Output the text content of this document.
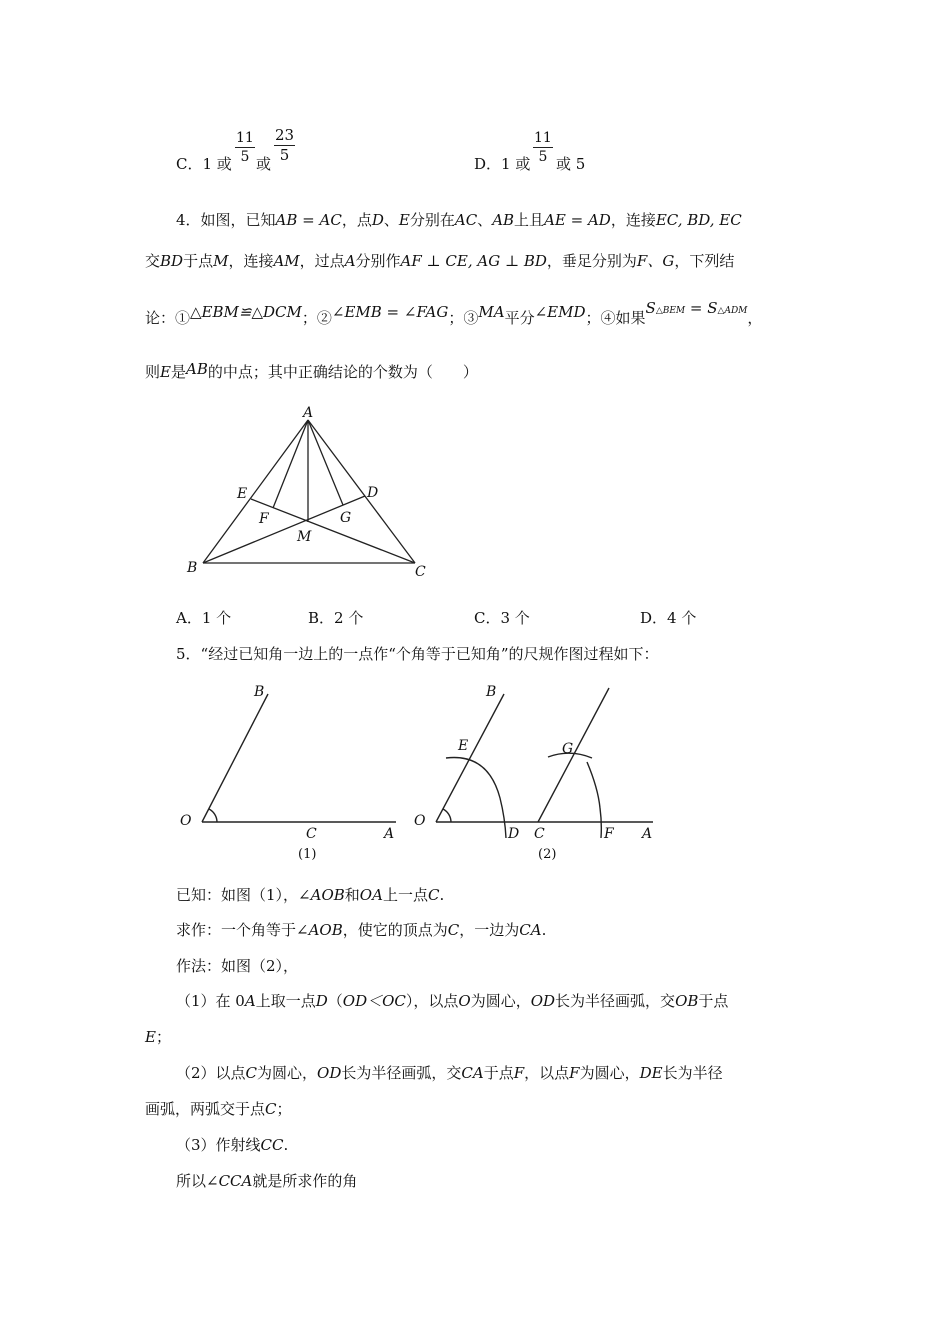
C．1 或 $\frac{11}{5}$ 或
$\frac{23}{5}$
D．1 或 $\frac{11}{5}$ 或 5
4．如图，已知AB = AC，点D、E分别在AC、AB上且AE = AD，连接EC, BD, EC
交BD于点M，连接AM，过点A分别作AF ⊥ CE, AG ⊥ BD，垂足分别为F、G，下列结
论：①△EBM≌△DCM；②∠EMB = ∠FAG；③MA平分∠EMD；④如果S△BEM = S△ADM，
则E是AB的中点；其中正确结论的个数为（　　）
A
B	C
D
E
F	G
M
A．1 个	B．2 个	C．3 个	D．4 个
5．“经过已知角一边上的一点作“个角等于已知角”的尺规作图过程如下：
B
O
C	A
(1)
B
E	G
O
D C	F A
(2)
已知：如图（1），∠AOB和OA上一点C.
求作：一个角等于∠AOB，使它的顶点为C，一边为CA.
作法：如图（2），
（1）在 0A上取一点D（OD＜OC），以点O为圆心，OD长为半径画弧，交OB于点
E；
（2）以点C为圆心，OD长为半径画弧，交CA于点F，以点F为圆心，DE长为半径
画弧，两弧交于点C；
（3）作射线CC.
所以∠CCA就是所求作的角
